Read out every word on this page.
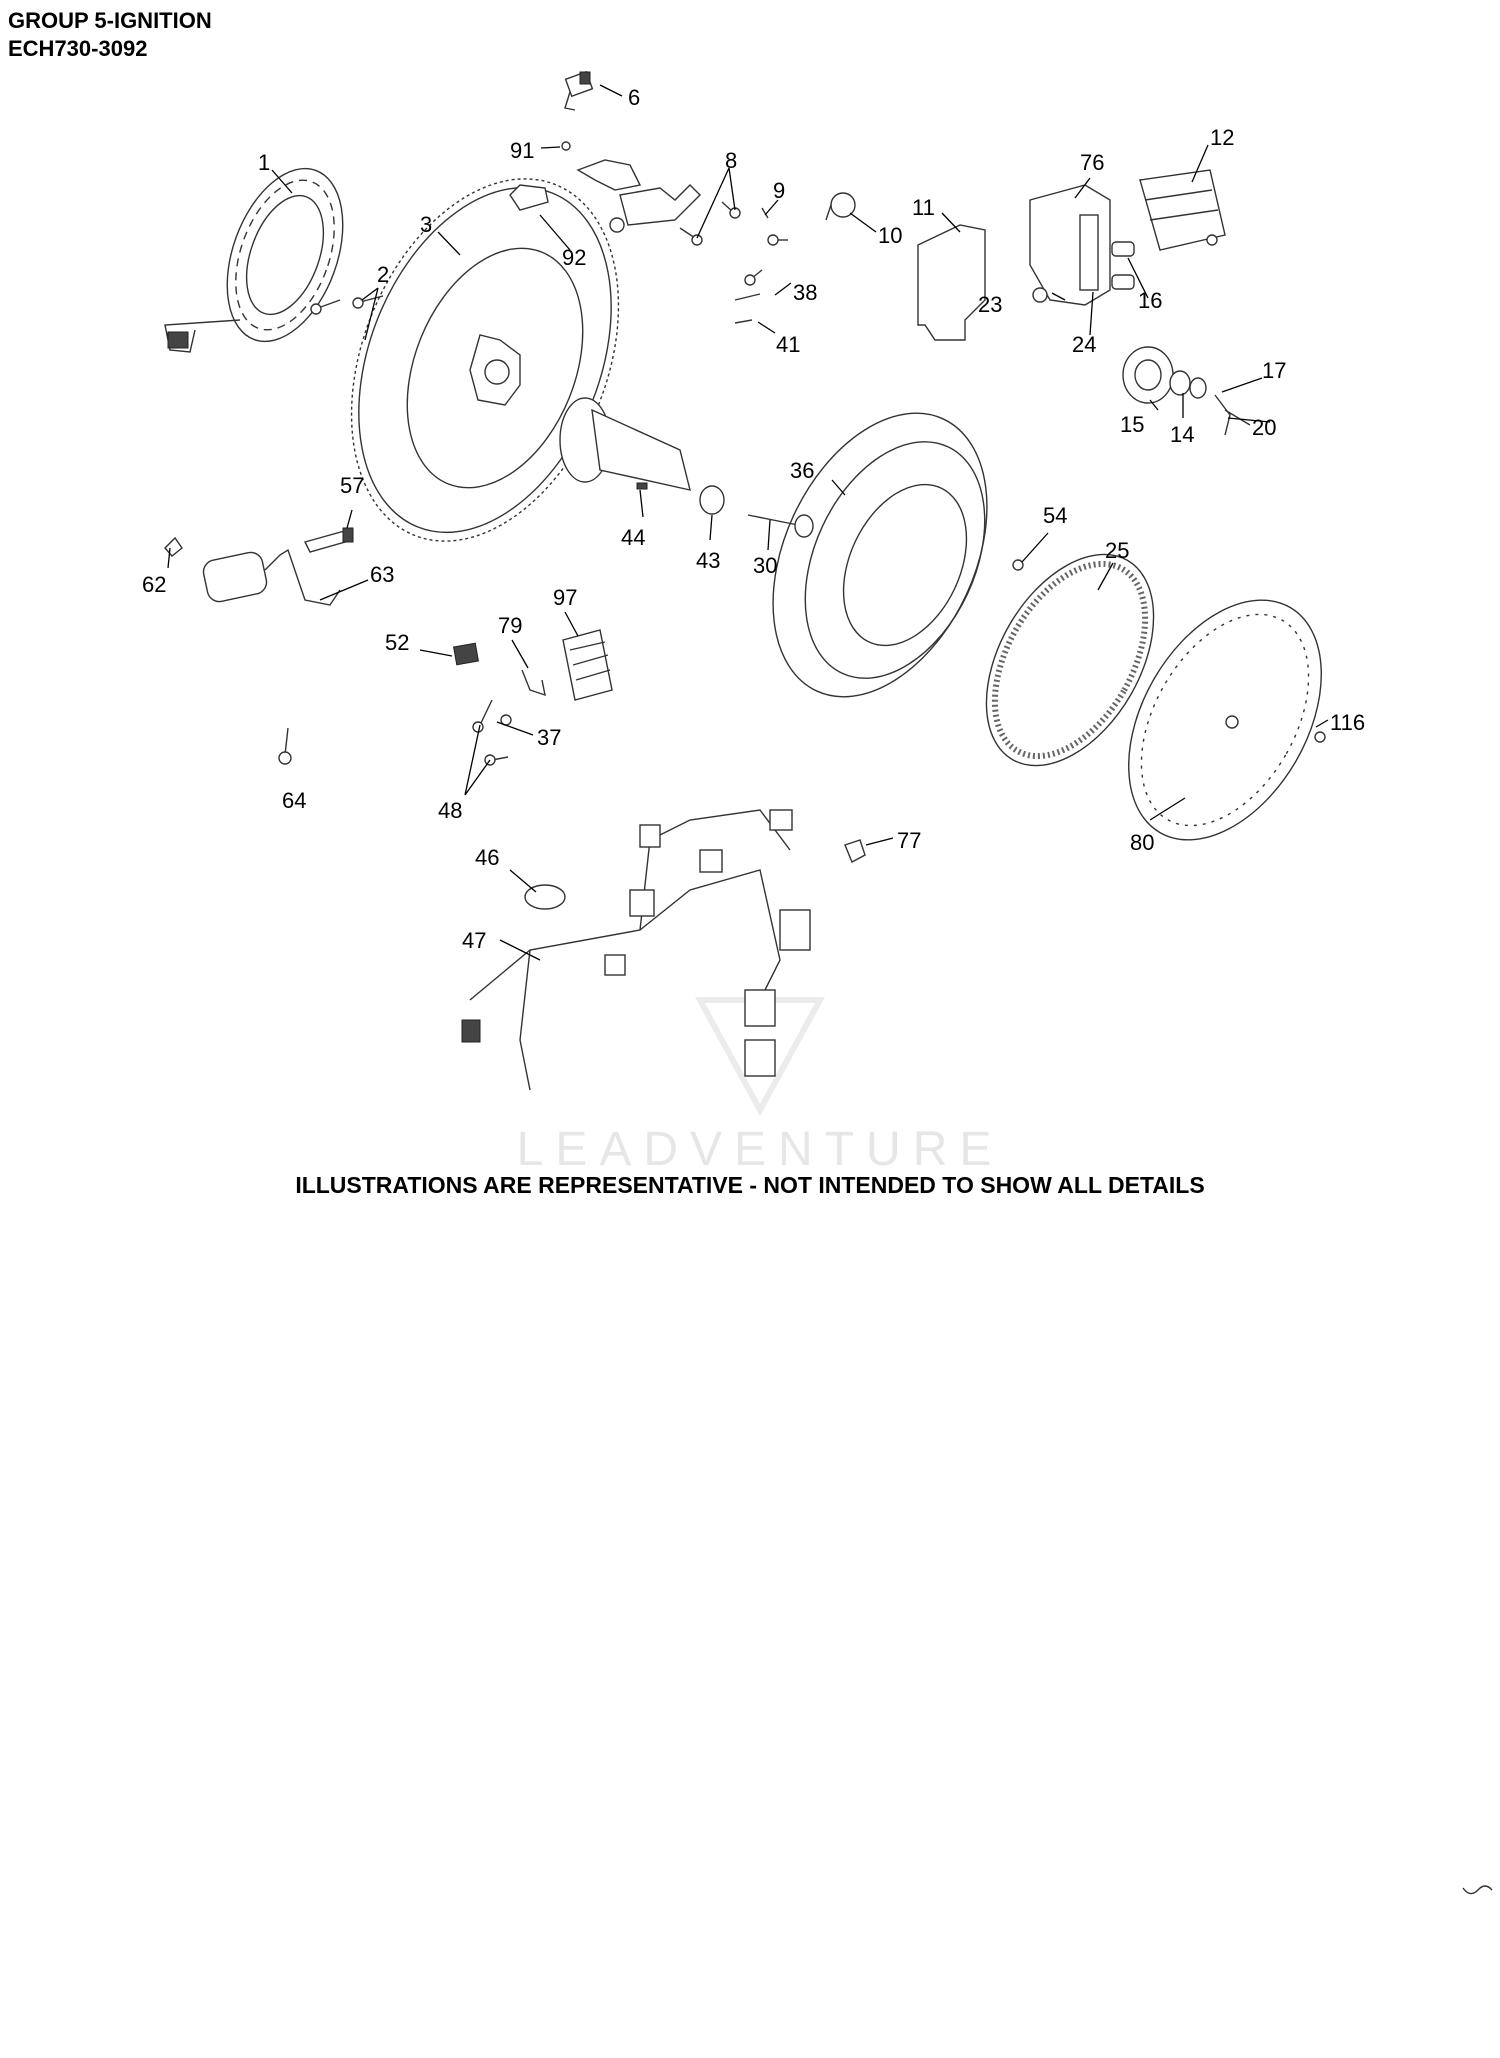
GROUP 5-IGNITION
ECH730-3092
LEADVENTURE
1
2
3
6
8
9
10
11
12
14
15
16
17
20
23
24
25
30
36
37
38
41
43
44
46
47
48
52
54
57
62	63
64
76
77
79
80
91
92
97
116
ILLUSTRATIONS ARE REPRESENTATIVE - NOT INTENDED TO SHOW ALL DETAILS
